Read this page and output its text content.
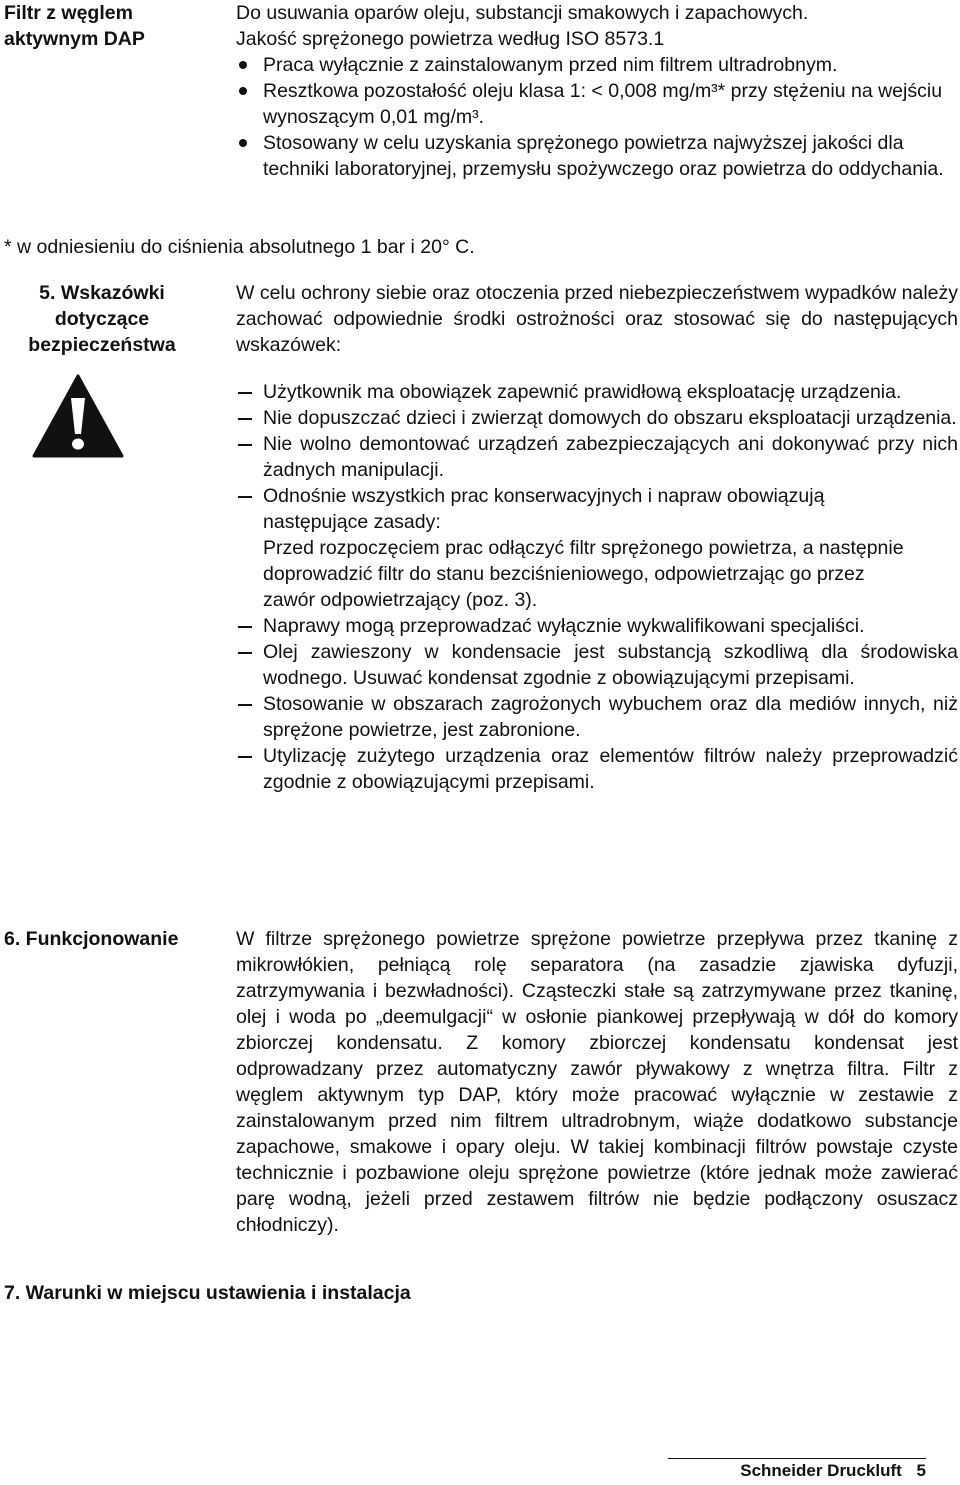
Filtr z węglem aktywnym DAP

Do usuwania oparów oleju, substancji smakowych i zapachowych.

Jakość sprężonego powietrza według ISO 8573.1

Praca wyłącznie z zainstalowanym przed nim filtrem ultradrobnym.
Resztkowa pozostałość oleju klasa 1: < 0,008 mg/m³* przy stężeniu na wejściu wynoszącym 0,01 mg/m³.
Stosowany w celu uzyskania sprężonego powietrza najwyższej jakości dla techniki laboratoryjnej, przemysłu spożywczego oraz powietrza do oddychania.
* w odniesieniu do ciśnienia absolutnego 1 bar i 20° C.
5. Wskazówki dotyczące bezpieczeństwa

W celu ochrony siebie oraz otoczenia przed niebezpieczeństwem wypadków należy zachować odpowiednie środki ostrożności oraz stosować się do następujących wskazówek:

Użytkownik ma obowiązek zapewnić prawidłową eksploatację urządzenia.
Nie dopuszczać dzieci i zwierząt domowych do obszaru eksploatacji urządzenia.
Nie wolno demontować urządzeń zabezpieczających ani dokonywać przy nich żadnych manipulacji.
Odnośnie wszystkich prac konserwacyjnych i napraw obowiązują następujące zasady:

Przed rozpoczęciem prac odłączyć filtr sprężonego powietrza, a następnie doprowadzić filtr do stanu bezciśnieniowego, odpowietrzając go przez zawór odpowietrzający (poz. 3).

Naprawy mogą przeprowadzać wyłącznie wykwalifikowani specjaliści.
Olej zawieszony w kondensacie jest substancją szkodliwą dla środowiska wodnego. Usuwać kondensat zgodnie z obowiązującymi przepisami.
Stosowanie w obszarach zagrożonych wybuchem oraz dla mediów innych, niż sprężone powietrze, jest zabronione.
Utylizację zużytego urządzenia oraz elementów filtrów należy przeprowadzić zgodnie z obowiązującymi przepisami.
6. Funkcjonowanie	W filtrze sprężonego powietrze sprężone powietrze przepływa przez tkaninę z mikrowłókien, pełniącą rolę separatora (na zasadzie zjawiska dyfuzji, zatrzymywania i bezwładności). Cząsteczki stałe są zatrzymywane przez tkaninę, olej i woda po „deemulgacji“ w osłonie piankowej przepływają w dół do komory zbiorczej kondensatu. Z komory zbiorczej kondensatu kondensat jest odprowadzany przez automatyczny zawór pływakowy z wnętrza filtra. Filtr z węglem aktywnym typ DAP, który może pracować wyłącznie w zestawie z zainstalowanym przed nim filtrem ultradrobnym, wiąże dodatkowo substancje zapachowe, smakowe i opary oleju. W takiej kombinacji filtrów powstaje czyste technicznie i pozbawione oleju sprężone powietrze (które jednak może zawierać parę wodną, jeżeli przed zestawem filtrów nie będzie podłączony osuszacz chłodniczy).
7. Warunki w miejscu ustawienia i instalacja
Schneider Druckluft 5
